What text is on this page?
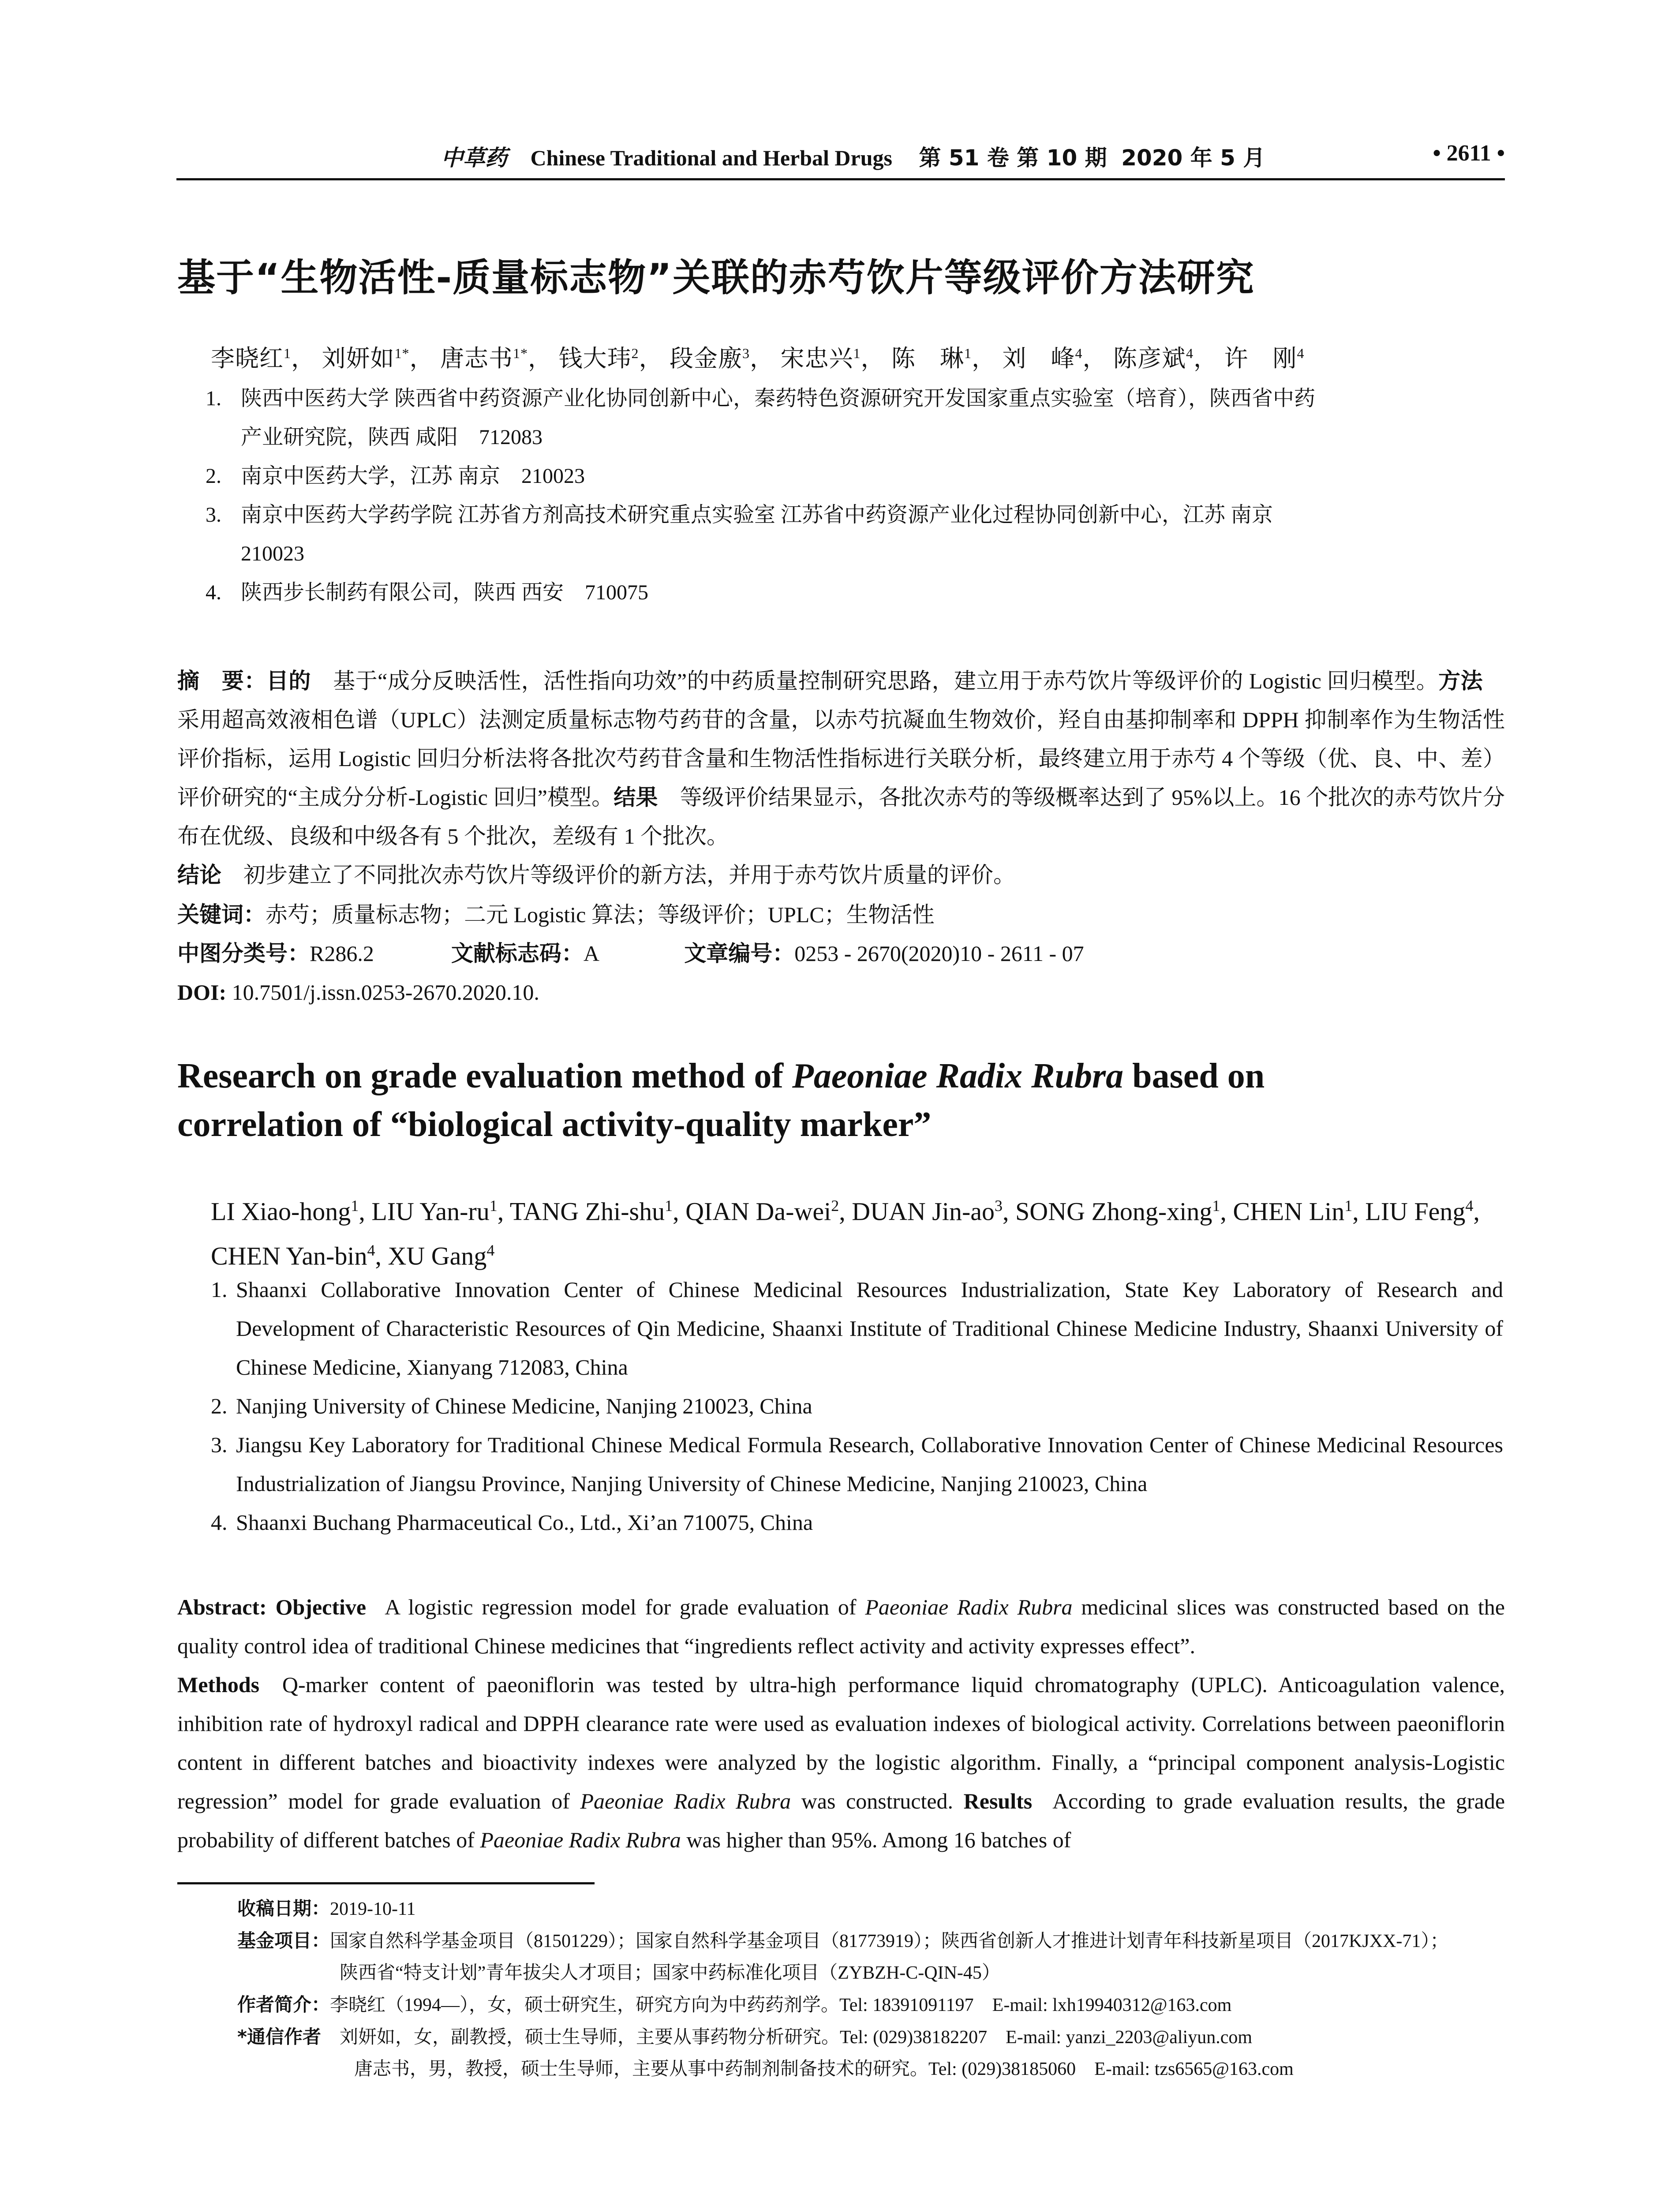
中草药 Chinese Traditional and Herbal Drugs 第 51 卷 第 10 期 2020 年 5 月	• 2611 •
基于“生物活性-质量标志物”关联的赤芍饮片等级评价方法研究
李晓红$^1$， 刘妍如$^{1*}$， 唐志书$^{1*}$， 钱大玮$^2$， 段金廒$^3$， 宋忠兴$^1$， 陈　琳$^1$， 刘　峰$^4$， 陈彦斌$^4$， 许　刚$^4$
1. 陕西中医药大学 陕西省中药资源产业化协同创新中心，秦药特色资源研究开发国家重点实验室（培育），陕西省中药
产业研究院，陕西 咸阳　712083
2. 南京中医药大学，江苏 南京　210023
3. 南京中医药大学药学院 江苏省方剂高技术研究重点实验室 江苏省中药资源产业化过程协同创新中心，江苏 南京
210023
4. 陕西步长制药有限公司，陕西 西安　710075
摘　要：目的  基于“成分反映活性，活性指向功效”的中药质量控制研究思路，建立用于赤芍饮片等级评价的 Logistic 回归模型。方法 采用超高效液相色谱（UPLC）法测定质量标志物芍药苷的含量，以赤芍抗凝血生物效价，羟自由基抑制率和 DPPH 抑制率作为生物活性评价指标，运用 Logistic 回归分析法将各批次芍药苷含量和生物活性指标进行关联分析，最终建立用于赤芍 4 个等级（优、良、中、差）评价研究的“主成分分析-Logistic 回归”模型。结果  等级评价结果显示，各批次赤芍的等级概率达到了 95%以上。16 个批次的赤芍饮片分布在优级、良级和中级各有 5 个批次，差级有 1 个批次。
结论  初步建立了不同批次赤芍饮片等级评价的新方法，并用于赤芍饮片质量的评价。
关键词：赤芍；质量标志物；二元 Logistic 算法；等级评价；UPLC；生物活性
中图分类号：R286.2	文献标志码：A	文章编号：0253 - 2670(2020)10 - 2611 - 07
DOI: 10.7501/j.issn.0253-2670.2020.10.
Research on grade evaluation method of Paeoniae Radix Rubra based on
correlation of “biological activity-quality marker”
LI Xiao-hong$^1$, LIU Yan-$ru^1$, TANG Zhi-shu$^1$, QIAN Da-wei$^2$, DUAN Jin-$ao^3$, SONG Zhong-xing$^1$, CHEN Lin$^1$, LIU Feng$^4$, CHEN Yan-bin$^4$, XU Gang$^4$
1. Shaanxi Collaborative Innovation Center of Chinese Medicinal Resources Industrialization, State Key Laboratory of Research and Development of Characteristic Resources of Qin Medicine, Shaanxi Institute of Traditional Chinese Medicine Industry, Shaanxi University of Chinese Medicine, Xianyang 712083, China
2. Nanjing University of Chinese Medicine, Nanjing 210023, China
3. Jiangsu Key Laboratory for Traditional Chinese Medical Formula Research, Collaborative Innovation Center of Chinese Medicinal Resources Industrialization of Jiangsu Province, Nanjing University of Chinese Medicine, Nanjing 210023, China
4. Shaanxi Buchang Pharmaceutical Co., Ltd., Xi’an 710075, China
Abstract: Objective  A logistic regression model for grade evaluation of Paeoniae Radix Rubra medicinal slices was constructed based on the quality control idea of traditional Chinese medicines that “ingredients reflect activity and activity expresses effect”.
Methods  Q-marker content of paeoniflorin was tested by ultra-high performance liquid chromatography (UPLC). Anticoagulation valence, inhibition rate of hydroxyl radical and DPPH clearance rate were used as evaluation indexes of biological activity. Correlations between paeoniflorin content in different batches and bioactivity indexes were analyzed by the logistic algorithm. Finally, a “principal component analysis-Logistic regression” model for grade evaluation of Paeoniae Radix Rubra was constructed. Results  According to grade evaluation results, the grade probability of different batches of Paeoniae Radix Rubra was higher than 95%. Among 16 batches of
收稿日期：2019-10-11
基金项目：国家自然科学基金项目（81501229）；国家自然科学基金项目（81773919）；陕西省创新人才推进计划青年科技新星项目（2017KJXX-71）；
陕西省“特支计划”青年拔尖人才项目；国家中药标准化项目（ZYBZH-C-QIN-45）
作者简介：李晓红（1994—），女，硕士研究生，研究方向为中药药剂学。Tel: 18391091197　E-mail: lxh19940312@163.com
*通信作者  刘妍如，女，副教授，硕士生导师，主要从事药物分析研究。Tel: (029)38182207　E-mail: yanzi_2203@aliyun.com
唐志书，男，教授，硕士生导师，主要从事中药制剂制备技术的研究。Tel: (029)38185060　E-mail: tzs6565@163.com
